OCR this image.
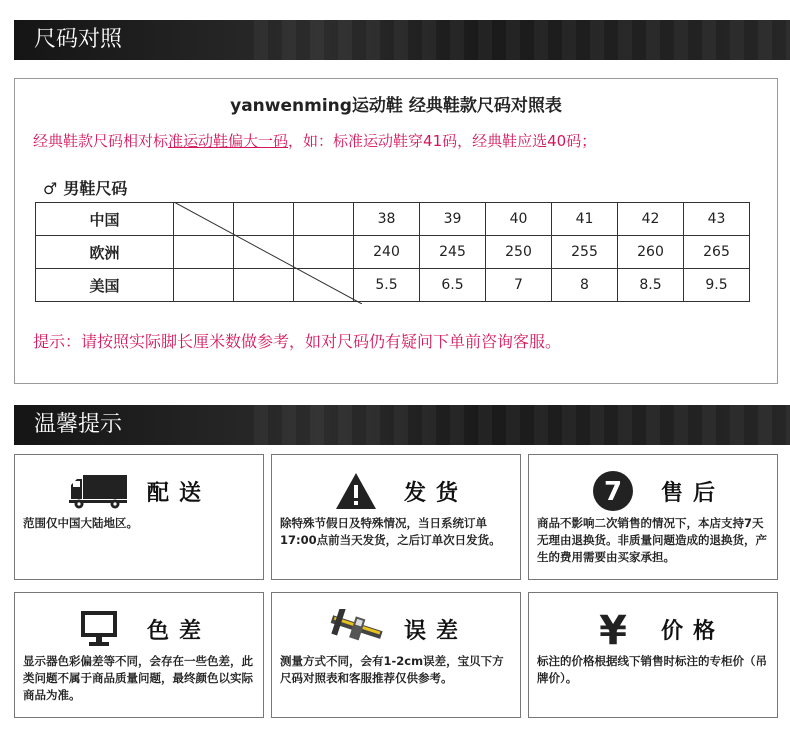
尺码对照
yanwenming运动鞋 经典鞋款尺码对照表
经典鞋款尺码相对标准运动鞋偏大一码，如：标准运动鞋穿41码，经典鞋应选40码；
♂ 男鞋尺码
中国				38	39	40	41	42	43
欧洲				240	245	250	255	260	265
美国				5.5	6.5	7	8	8.5	9.5
提示：请按照实际脚长厘米数做参考，如对尺码仍有疑问下单前咨询客服。
温馨提示
配送
范围仅中国大陆地区。
发货
除特殊节假日及特殊情况，当日系统订单17:00点前当天发货，之后订单次日发货。
7 售后
商品不影响二次销售的情况下，本店支持7天无理由退换货。非质量问题造成的退换货，产生的费用需要由买家承担。
色差
显示器色彩偏差等不同，会存在一些色差，此类问题不属于商品质量问题，最终颜色以实际商品为准。
误差
测量方式不同，会有1-2cm误差，宝贝下方尺码对照表和客服推荐仅供参考。
¥ 价格
标注的价格根据线下销售时标注的专柜价（吊牌价）。
